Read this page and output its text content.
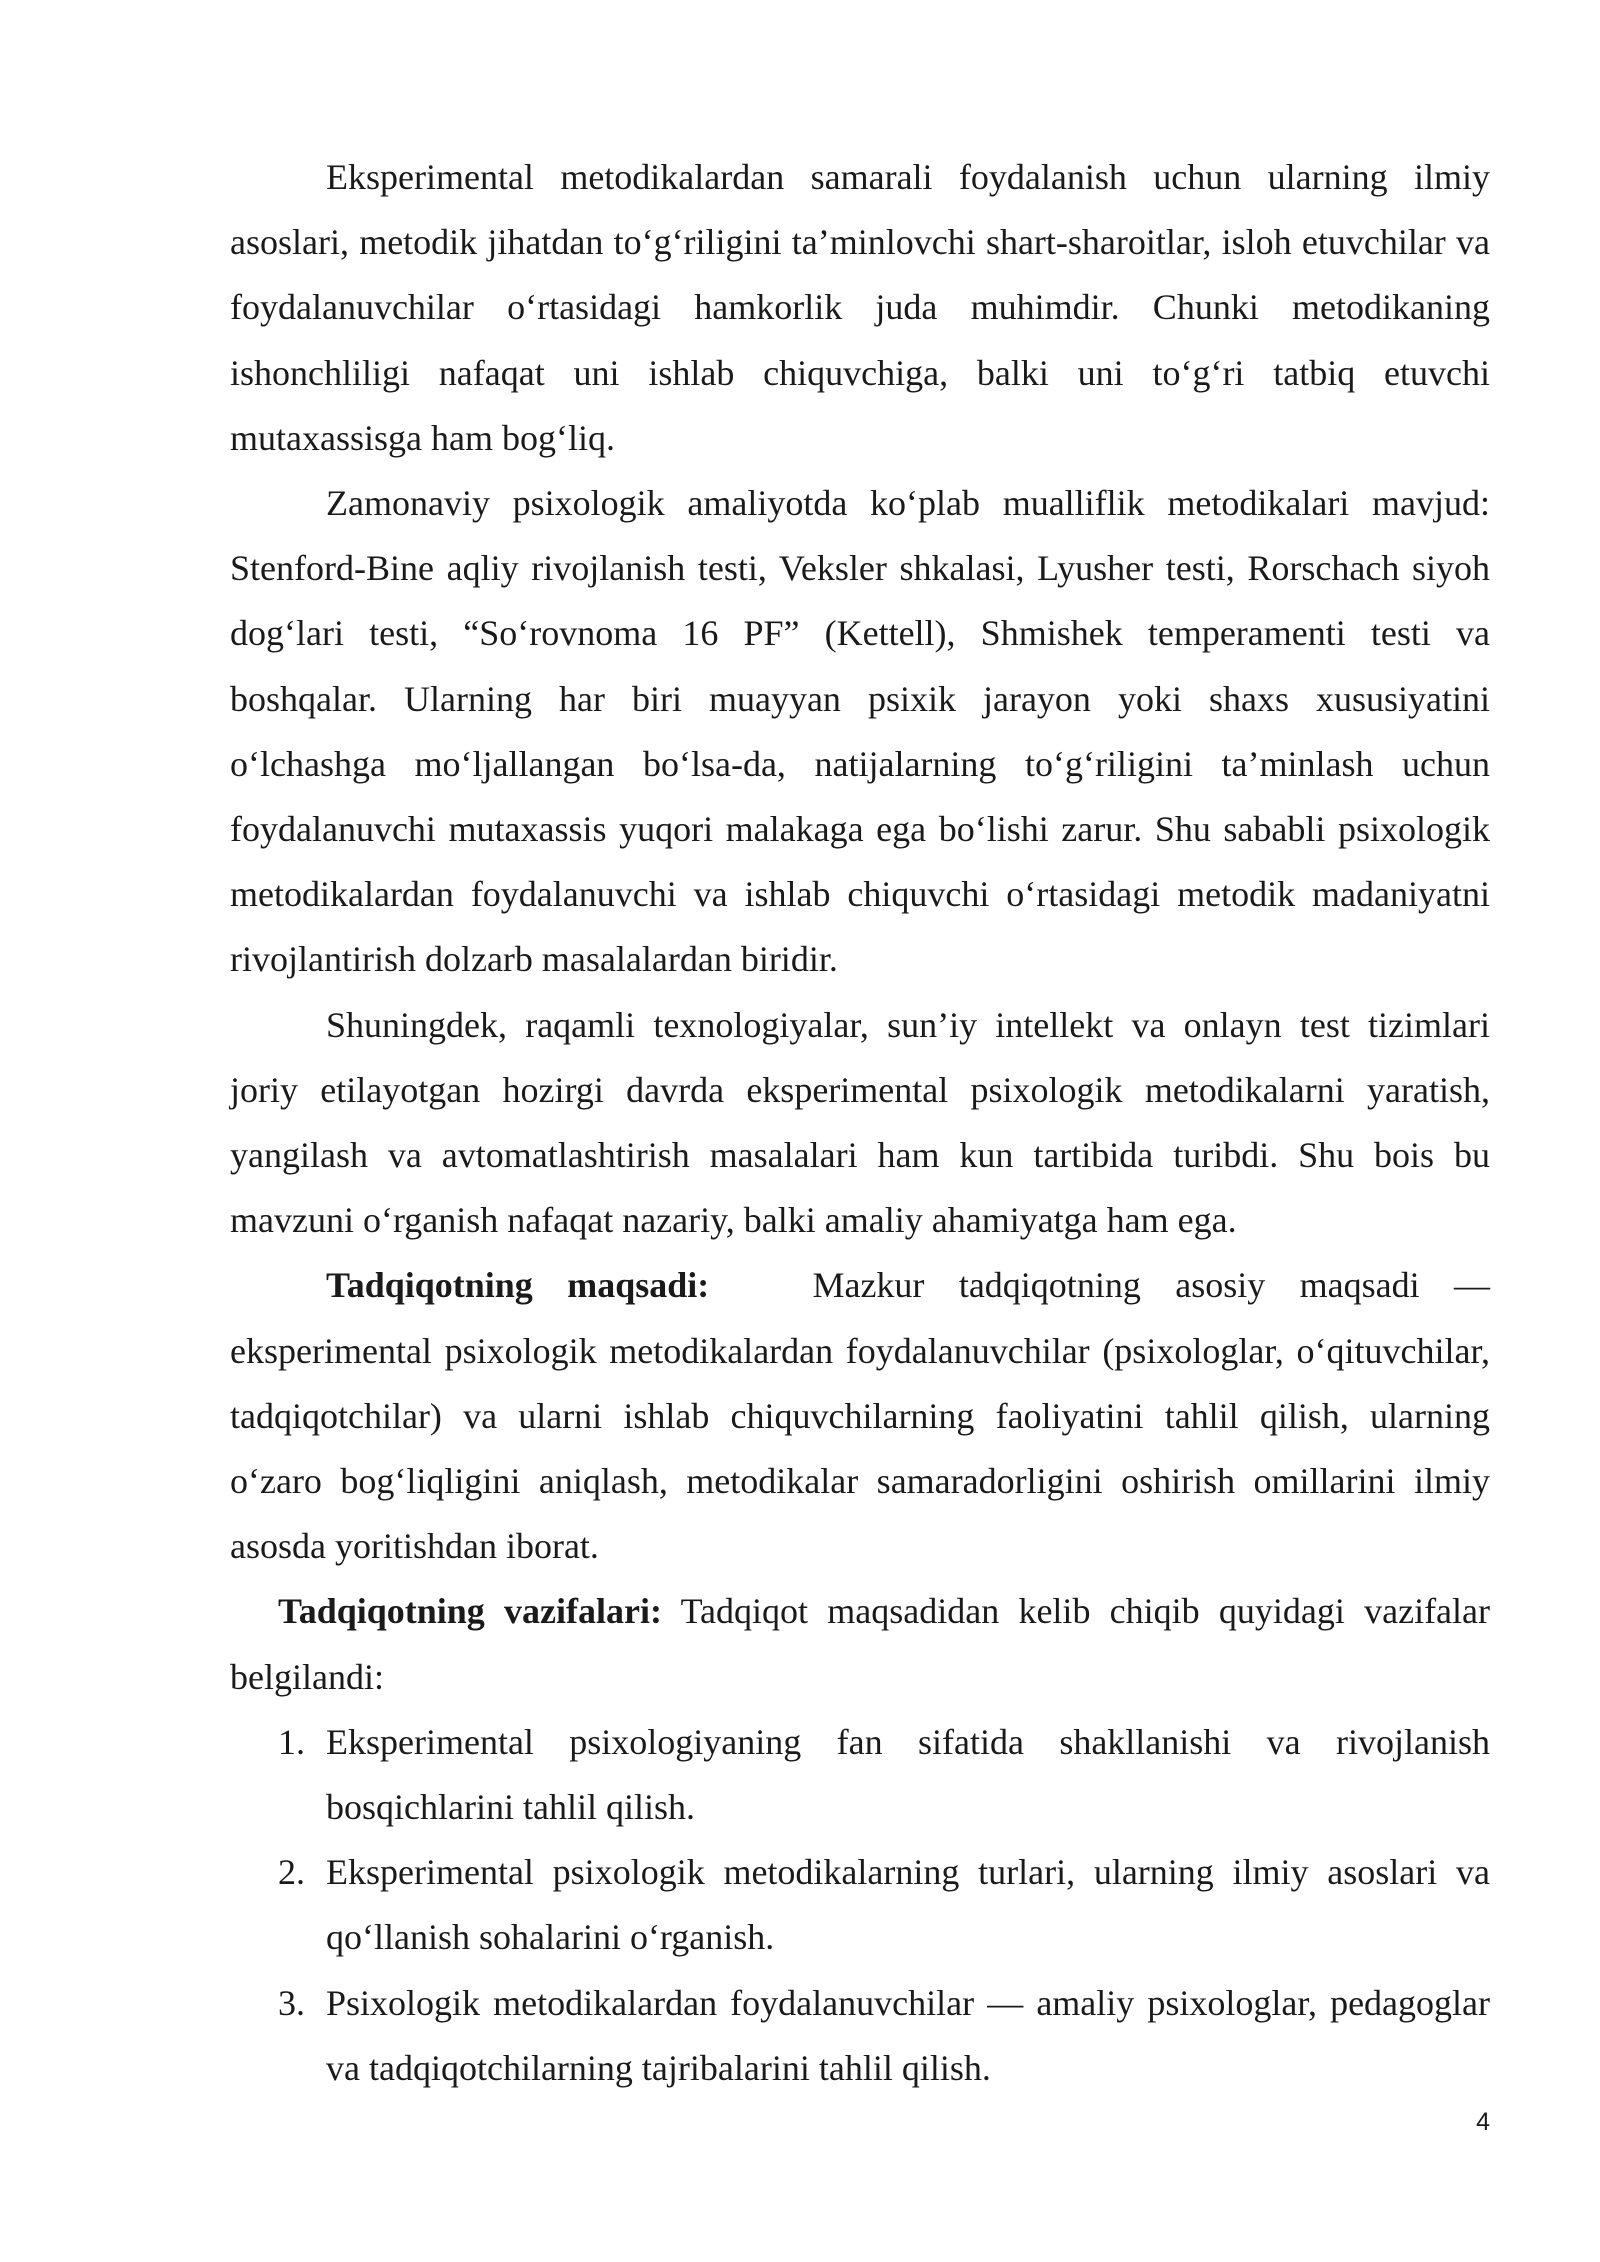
Eksperimental metodikalardan samarali foydalanish uchun ularning ilmiy asoslari, metodik jihatdan to‘g‘riligini ta’minlovchi shart-sharoitlar, isloh etuvchilar va foydalanuvchilar o‘rtasidagi hamkorlik juda muhimdir. Chunki metodikaning ishonchliligi nafaqat uni ishlab chiquvchiga, balki uni to‘g‘ri tatbiq etuvchi mutaxassisga ham bog‘liq.

Zamonaviy psixologik amaliyotda ko‘plab mualliflik metodikalari mavjud: Stenford-Bine aqliy rivojlanish testi, Veksler shkalasi, Lyusher testi, Rorschach siyoh dog‘lari testi, “So‘rovnoma 16 PF” (Kettell), Shmishek temperamenti testi va boshqalar. Ularning har biri muayyan psixik jarayon yoki shaxs xususiyatini o‘lchashga mo‘ljallangan bo‘lsa-da, natijalarning to‘g‘riligini ta’minlash uchun foydalanuvchi mutaxassis yuqori malakaga ega bo‘lishi zarur. Shu sababli psixologik metodikalardan foydalanuvchi va ishlab chiquvchi o‘rtasidagi metodik madaniyatni rivojlantirish dolzarb masalalardan biridir.

Shuningdek, raqamli texnologiyalar, sun’iy intellekt va onlayn test tizimlari joriy etilayotgan hozirgi davrda eksperimental psixologik metodikalarni yaratish, yangilash va avtomatlashtirish masalalari ham kun tartibida turibdi. Shu bois bu mavzuni o‘rganish nafaqat nazariy, balki amaliy ahamiyatga ham ega.

Tadqiqotning maqsadi:	Mazkur tadqiqotning asosiy maqsadi — eksperimental psixologik metodikalardan foydalanuvchilar (psixologlar, o‘qituvchilar, tadqiqotchilar) va ularni ishlab chiquvchilarning faoliyatini tahlil qilish, ularning o‘zaro bog‘liqligini aniqlash, metodikalar samaradorligini oshirish omillarini ilmiy asosda yoritishdan iborat.

Tadqiqotning vazifalari: Tadqiqot maqsadidan kelib chiqib quyidagi vazifalar belgilandi:

1. Eksperimental psixologiyaning fan sifatida shakllanishi va rivojlanish bosqichlarini tahlil qilish.
2. Eksperimental psixologik metodikalarning turlari, ularning ilmiy asoslari va qo‘llanish sohalarini o‘rganish.
3. Psixologik metodikalardan foydalanuvchilar — amaliy psixologlar, pedagoglar va tadqiqotchilarning tajribalarini tahlil qilish.
4
